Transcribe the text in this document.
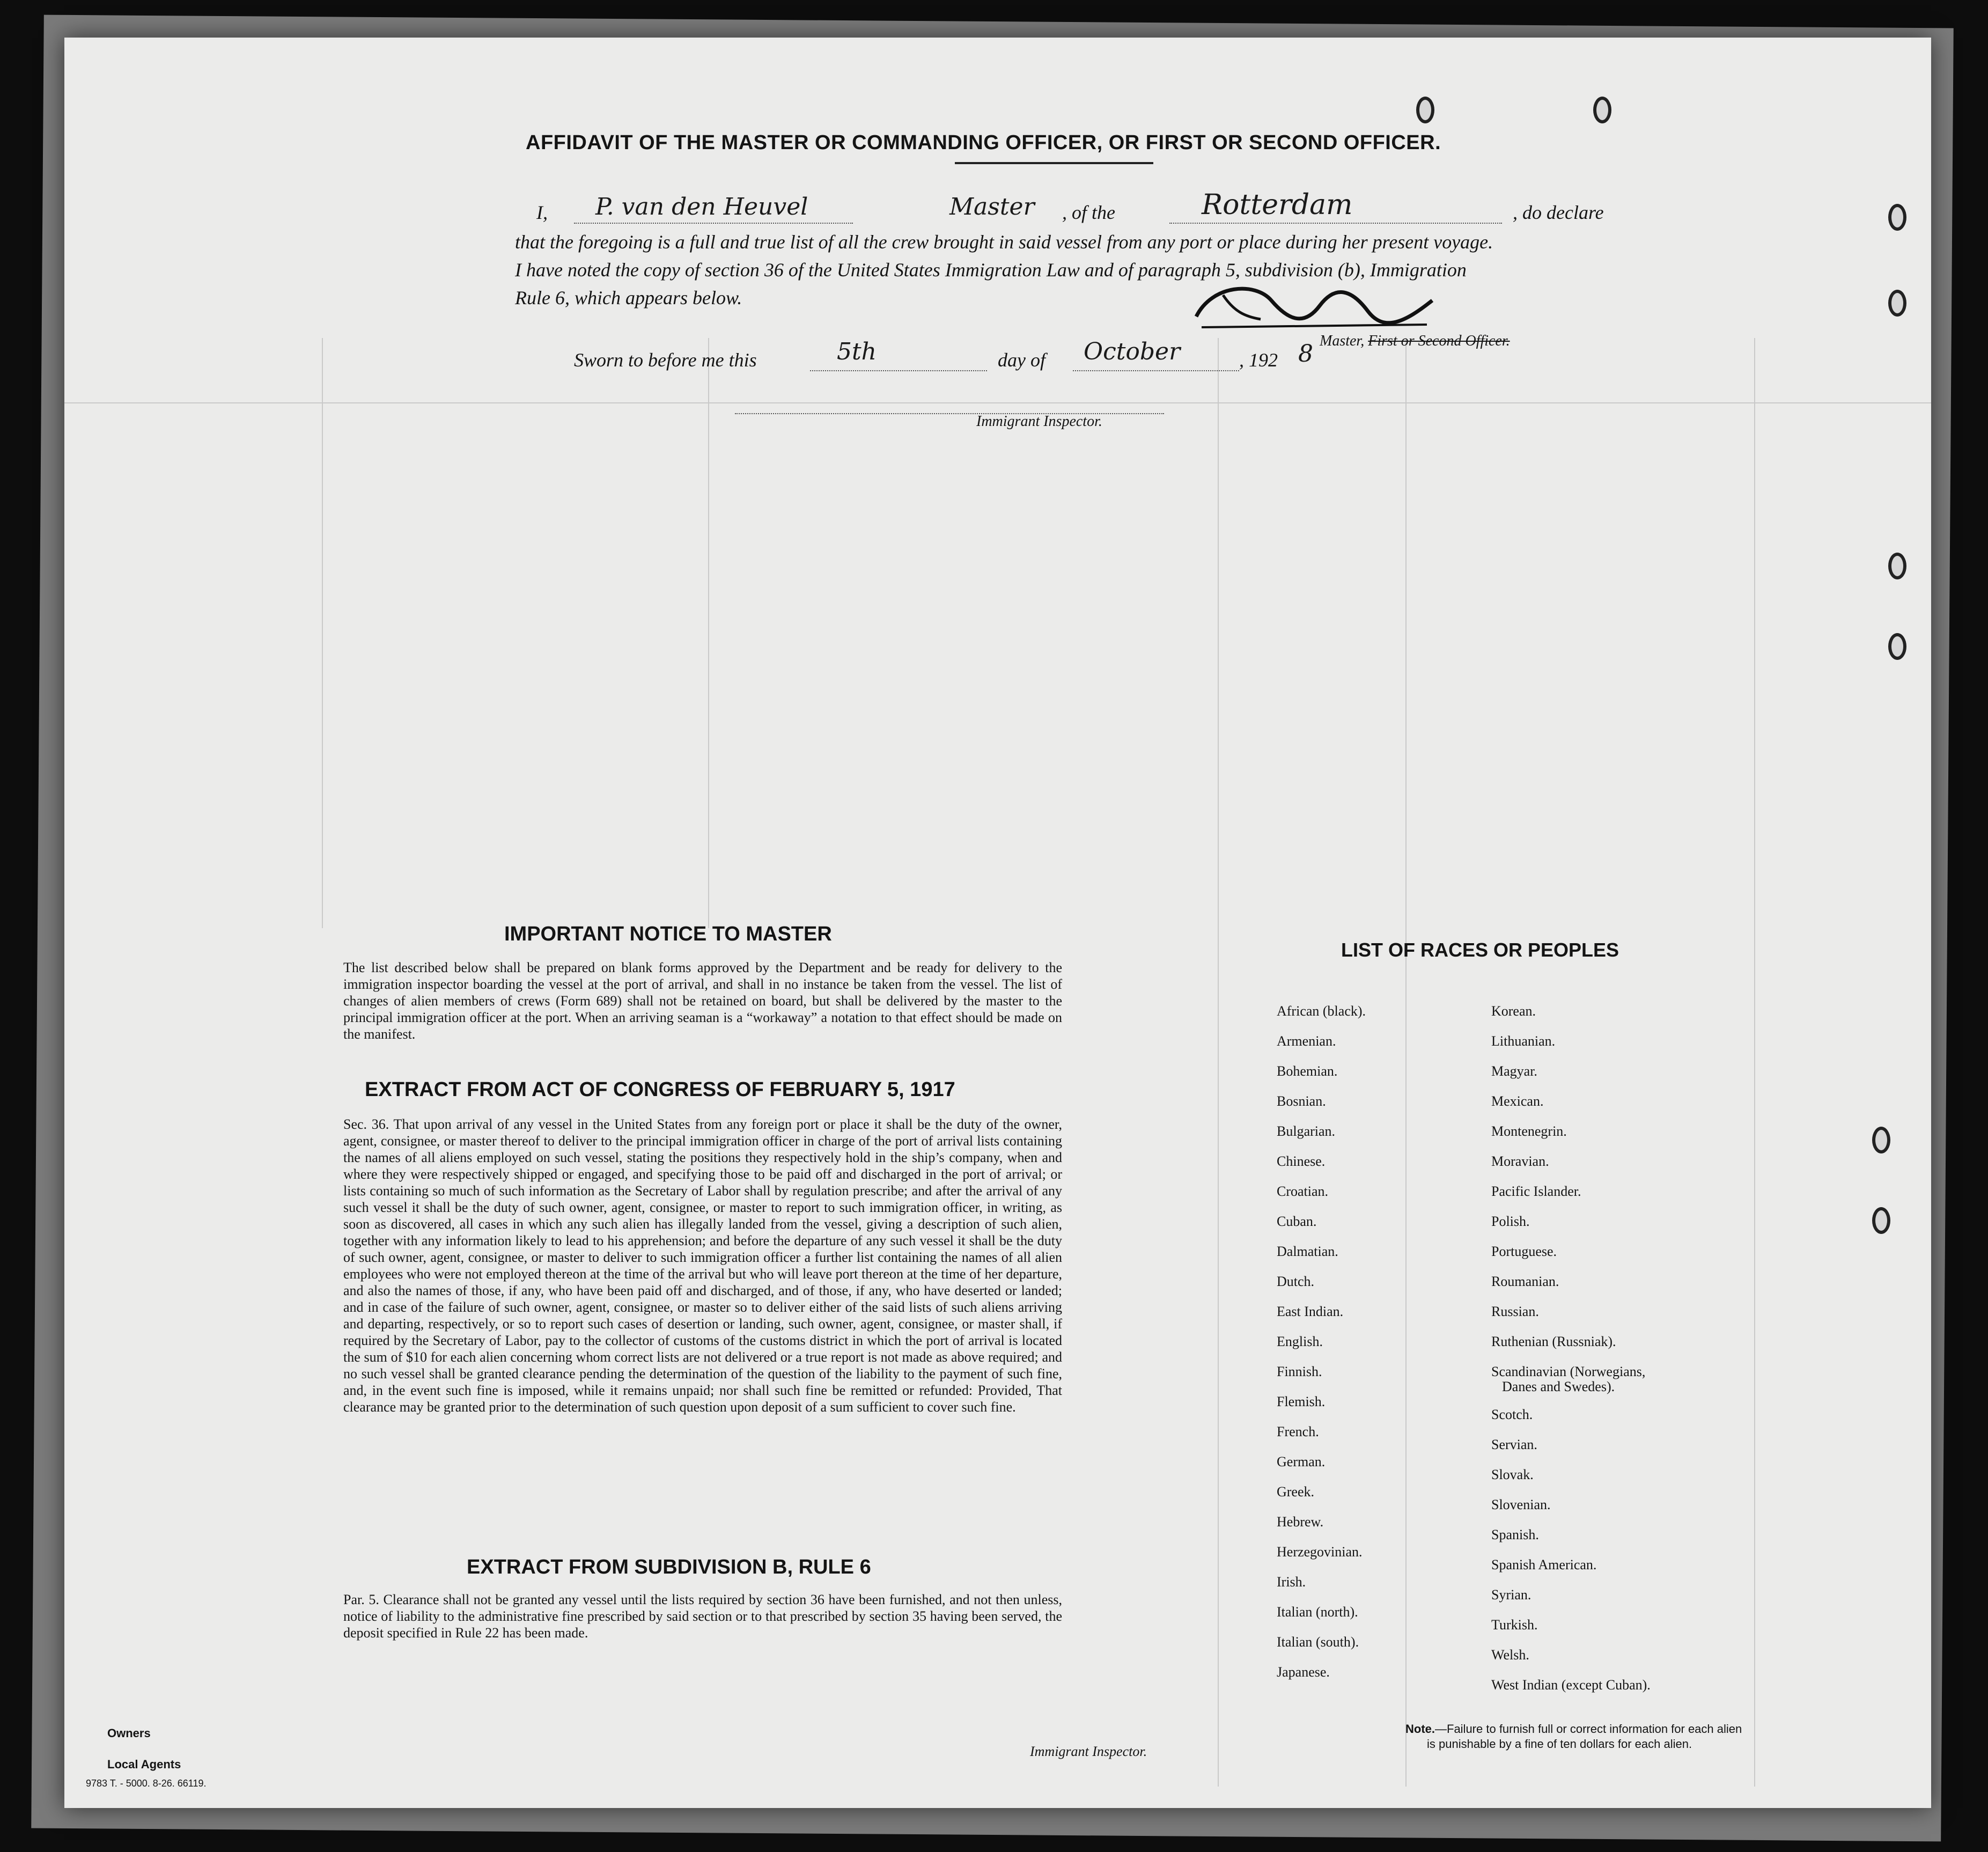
AFFIDAVIT OF THE MASTER OR COMMANDING OFFICER, OR FIRST OR SECOND OFFICER.
I, P. van den Heuvel	Master , of the	Rotterdam	, do declare
that the foregoing is a full and true list of all the crew brought in said vessel from any port or place during her present voyage.
I have noted the copy of section 36 of the United States Immigration Law and of paragraph 5, subdivision (b), Immigration
Rule 6, which appears below.
Master, First or Second Officer.
Sworn to before me this	5th	day of October	, 192 8
Immigrant Inspector.
IMPORTANT NOTICE TO MASTER
The list described below shall be prepared on blank forms approved by the Department and be ready for delivery to the immigration inspector boarding the vessel at the port of arrival, and shall in no instance be taken from the vessel. The list of changes of alien members of crews (Form 689) shall not be retained on board, but shall be delivered by the master to the principal immigration officer at the port. When an arriving seaman is a “workaway” a notation to that effect should be made on the manifest.
EXTRACT FROM ACT OF CONGRESS OF FEBRUARY 5, 1917
Sec. 36. That upon arrival of any vessel in the United States from any foreign port or place it shall be the duty of the owner, agent, consignee, or master thereof to deliver to the principal immigration officer in charge of the port of arrival lists containing the names of all aliens employed on such vessel, stating the positions they respectively hold in the ship’s company, when and where they were respectively shipped or engaged, and specifying those to be paid off and discharged in the port of arrival; or lists containing so much of such information as the Secretary of Labor shall by regulation prescribe; and after the arrival of any such vessel it shall be the duty of such owner, agent, consignee, or master to report to such immigration officer, in writing, as soon as discovered, all cases in which any such alien has illegally landed from the vessel, giving a description of such alien, together with any information likely to lead to his apprehension; and before the departure of any such vessel it shall be the duty of such owner, agent, consignee, or master to deliver to such immigration officer a further list containing the names of all alien employees who were not employed thereon at the time of the arrival but who will leave port thereon at the time of her departure, and also the names of those, if any, who have been paid off and discharged, and of those, if any, who have deserted or landed; and in case of the failure of such owner, agent, consignee, or master so to deliver either of the said lists of such aliens arriving and departing, respectively, or so to report such cases of desertion or landing, such owner, agent, consignee, or master shall, if required by the Secretary of Labor, pay to the collector of customs of the customs district in which the port of arrival is located the sum of $10 for each alien concerning whom correct lists are not delivered or a true report is not made as above required; and no such vessel shall be granted clearance pending the determination of the question of the liability to the payment of such fine, and, in the event such fine is imposed, while it remains unpaid; nor shall such fine be remitted or refunded: Provided, That clearance may be granted prior to the determination of such question upon deposit of a sum sufficient to cover such fine.
EXTRACT FROM SUBDIVISION B, RULE 6
Par. 5. Clearance shall not be granted any vessel until the lists required by section 36 have been furnished, and not then unless, notice of liability to the administrative fine prescribed by said section or to that prescribed by section 35 having been served, the deposit specified in Rule 22 has been made.
LIST OF RACES OR PEOPLES
African (black).
Armenian.
Bohemian.
Bosnian.
Bulgarian.
Chinese.
Croatian.
Cuban.
Dalmatian.
Dutch.
East Indian.
English.
Finnish.
Flemish.
French.
German.
Greek.
Hebrew.
Herzegovinian.
Irish.
Italian (north).
Italian (south).
Japanese.
Korean.
Lithuanian.
Magyar.
Mexican.
Montenegrin.
Moravian.
Pacific Islander.
Polish.
Portuguese.
Roumanian.
Russian.
Ruthenian (Russniak).
Scandinavian (Norwegians,
Danes and Swedes).
Scotch.
Servian.
Slovak.
Slovenian.
Spanish.
Spanish American.
Syrian.
Turkish.
Welsh.
West Indian (except Cuban).
Owners
Local Agents
9783 T. - 5000. 8-26. 66119.
Immigrant Inspector.
Note.—Failure to furnish full or correct information for each alien
is punishable by a fine of ten dollars for each alien.
